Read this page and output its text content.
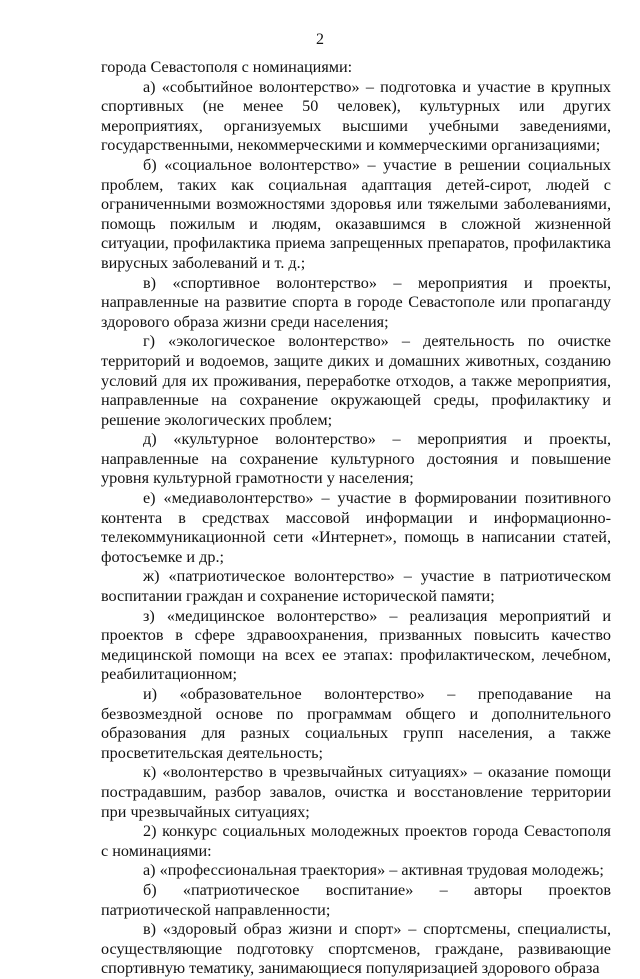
2

города Севастополя с номинациями:

а) «событийное волонтерство» – подготовка и участие в крупных спортивных (не менее 50 человек), культурных или других мероприятиях, организуемых высшими учебными заведениями, государственными, некоммерческими и коммерческими организациями;

б) «социальное волонтерство» – участие в решении социальных проблем, таких как социальная адаптация детей-сирот, людей с ограниченными возможностями здоровья или тяжелыми заболеваниями, помощь пожилым и людям, оказавшимся в сложной жизненной ситуации, профилактика приема запрещенных препаратов, профилактика вирусных заболеваний и т. д.;

в) «спортивное волонтерство» – мероприятия и проекты, направленные на развитие спорта в городе Севастополе или пропаганду здорового образа жизни среди населения;

г) «экологическое волонтерство» – деятельность по очистке территорий и водоемов, защите диких и домашних животных, созданию условий для их проживания, переработке отходов, а также мероприятия, направленные на сохранение окружающей среды, профилактику и решение экологических проблем;

д) «культурное волонтерство» – мероприятия и проекты, направленные на сохранение культурного достояния и повышение уровня культурной грамотности у населения;

е) «медиаволонтерство» – участие в формировании позитивного контента в средствах массовой информации и информационно-телекоммуникационной сети «Интернет», помощь в написании статей, фотосъемке и др.;

ж) «патриотическое волонтерство» – участие в патриотическом воспитании граждан и сохранение исторической памяти;

з) «медицинское волонтерство» – реализация мероприятий и проектов в сфере здравоохранения, призванных повысить качество медицинской помощи на всех ее этапах: профилактическом, лечебном, реабилитационном;

и) «образовательное волонтерство» – преподавание на безвозмездной основе по программам общего и дополнительного образования для разных социальных групп населения, а также просветительская деятельность;

к) «волонтерство в чрезвычайных ситуациях» – оказание помощи пострадавшим, разбор завалов, очистка и восстановление территории при чрезвычайных ситуациях;

2) конкурс социальных молодежных проектов города Севастополя с номинациями:

а) «профессиональная траектория» – активная трудовая молодежь;

б) «патриотическое воспитание» – авторы проектов патриотической направленности;

в) «здоровый образ жизни и спорт» – спортсмены, специалисты, осуществляющие подготовку спортсменов, граждане, развивающие спортивную тематику, занимающиеся популяризацией здорового образа
